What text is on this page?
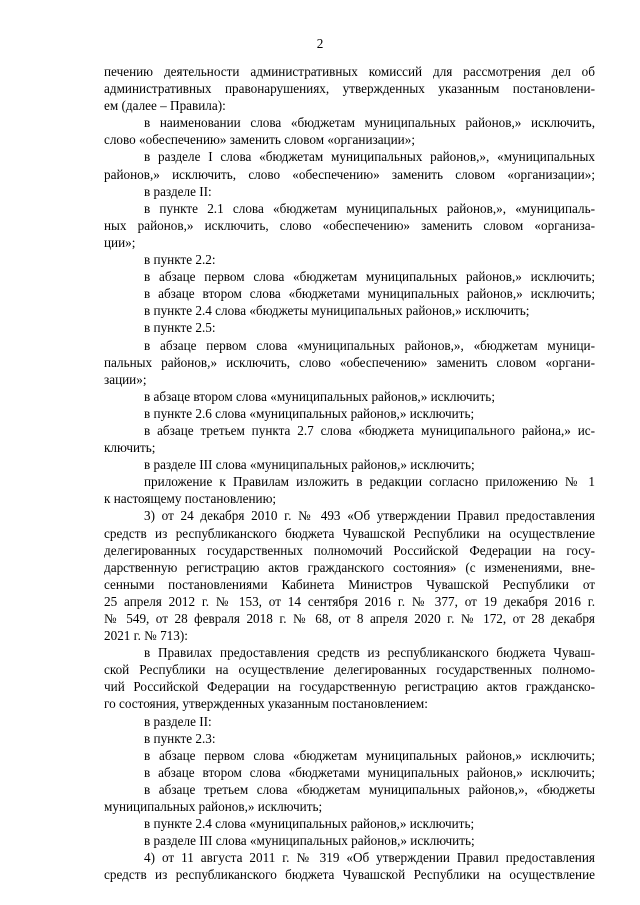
2
печению деятельности административных комиссий для рассмотрения дел об
административных правонарушениях, утвержденных указанным постановлени-
ем (далее – Правила):
в наименовании слова «бюджетам муниципальных районов,» исключить,
слово «обеспечению» заменить словом «организации»;
в разделе I слова «бюджетам муниципальных районов,», «муниципальных
районов,» исключить, слово «обеспечению» заменить словом «организации»;
в разделе II:
в пункте 2.1 слова «бюджетам муниципальных районов,», «муниципаль-
ных районов,» исключить, слово «обеспечению» заменить словом «организа-
ции»;
в пункте 2.2:
в абзаце первом слова «бюджетам муниципальных районов,» исключить;
в абзаце втором слова «бюджетами муниципальных районов,» исключить;
в пункте 2.4 слова «бюджеты муниципальных районов,» исключить;
в пункте 2.5:
в абзаце первом слова «муниципальных районов,», «бюджетам муници-
пальных районов,» исключить, слово «обеспечению» заменить словом «органи-
зации»;
в абзаце втором слова «муниципальных районов,» исключить;
в пункте 2.6 слова «муниципальных районов,» исключить;
в абзаце третьем пункта 2.7 слова «бюджета муниципального района,» ис-
ключить;
в разделе III слова «муниципальных районов,» исключить;
приложение к Правилам изложить в редакции согласно приложению № 1
к настоящему постановлению;
3) от 24 декабря 2010 г. № 493 «Об утверждении Правил предоставления
средств из республиканского бюджета Чувашской Республики на осуществление
делегированных государственных полномочий Российской Федерации на госу-
дарственную регистрацию актов гражданского состояния» (с изменениями, вне-
сенными постановлениями Кабинета Министров Чувашской Республики от
25 апреля 2012 г. № 153, от 14 сентября 2016 г. № 377, от 19 декабря 2016 г.
№ 549, от 28 февраля 2018 г. № 68, от 8 апреля 2020 г. № 172, от 28 декабря
2021 г. № 713):
в Правилах предоставления средств из республиканского бюджета Чуваш-
ской Республики на осуществление делегированных государственных полномо-
чий Российской Федерации на государственную регистрацию актов гражданско-
го состояния, утвержденных указанным постановлением:
в разделе II:
в пункте 2.3:
в абзаце первом слова «бюджетам муниципальных районов,» исключить;
в абзаце втором слова «бюджетами муниципальных районов,» исключить;
в абзаце третьем слова «бюджетам муниципальных районов,», «бюджеты
муниципальных районов,» исключить;
в пункте 2.4 слова «муниципальных районов,» исключить;
в разделе III слова «муниципальных районов,» исключить;
4) от 11 августа 2011 г. № 319 «Об утверждении Правил предоставления
средств из республиканского бюджета Чувашской Республики на осуществление
